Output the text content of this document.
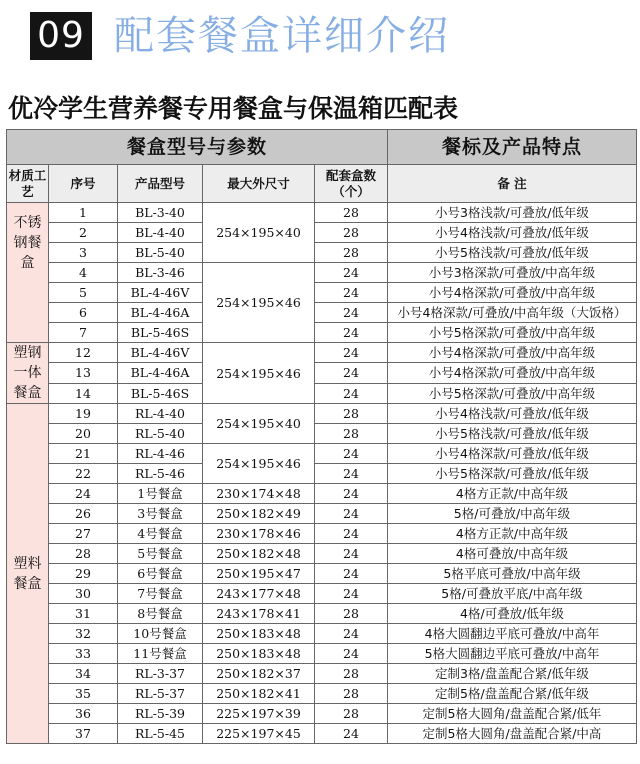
09 配套餐盒详细介绍
优冷学生营养餐专用餐盒与保温箱匹配表
餐盒型号与参数					餐标及产品特点
材质工艺	序号	产品型号	最大外尺寸	配套盒数（个）	备 注
不锈钢餐盒	1	BL-3-40	254×195×40	28	小号3格浅款/可叠放/低年级
	2	BL-4-40		28	小号4格浅款/可叠放/低年级
	3	BL-5-40		28	小号5格浅款/可叠放/低年级
	4	BL-3-46	254×195×46	24	小号3格深款/可叠放/中高年级
	5	BL-4-46V		24	小号4格深款/可叠放/中高年级
	6	BL-4-46A		24	小号4格深款/可叠放/中高年级（大饭格）

	7	BL-5-46S		24	小号5格深款/可叠放/中高年级
塑钢一体餐盒	12	BL-4-46V	254×195×46	24	小号4格深款/可叠放/中高年级
	13	BL-4-46A		24	小号4格深款/可叠放/中高年级
	14	BL-5-46S		24	小号5格深款/可叠放/中高年级
塑料餐盒	19	RL-4-40	254×195×40	28	小号4格浅款/可叠放/低年级
	20	RL-5-40		28	小号5格浅款/可叠放/低年级
	21	RL-4-46	254×195×46	24	小号4格深款/可叠放/低年级
	22	RL-5-46		24	小号5格深款/可叠放/低年级
	24	1号餐盒	230×174×48	24	4格方正款/中高年级
	26	3号餐盒	250×182×49	24	5格/可叠放/中高年级
	27	4号餐盒	230×178×46	24	4格方正款/中高年级
	28	5号餐盒	250×182×48	24	4格可叠放/中高年级
	29	6号餐盒	250×195×47	24	5格平底可叠放/中高年级
	30	7号餐盒	243×177×48	24	5格/可叠放平底/中高年级
	31	8号餐盒	243×178×41	28	4格/可叠放/低年级
	32	10号餐盒	250×183×48	24	4格大圆翻边平底可叠放/中高年
	33	11号餐盒	250×183×48	24	5格大圆翻边平底可叠放/中高年
	34	RL-3-37	250×182×37	28	定制3格/盘盖配合紧/低年级
	35	RL-5-37	250×182×41	28	定制5格/盘盖配合紧/低年级
	36	RL-5-39	225×197×39	28	定制5格大圆角/盘盖配合紧/低年
	37	RL-5-45	225×197×45	24	定制5格大圆角/盘盖配合紧/中高
